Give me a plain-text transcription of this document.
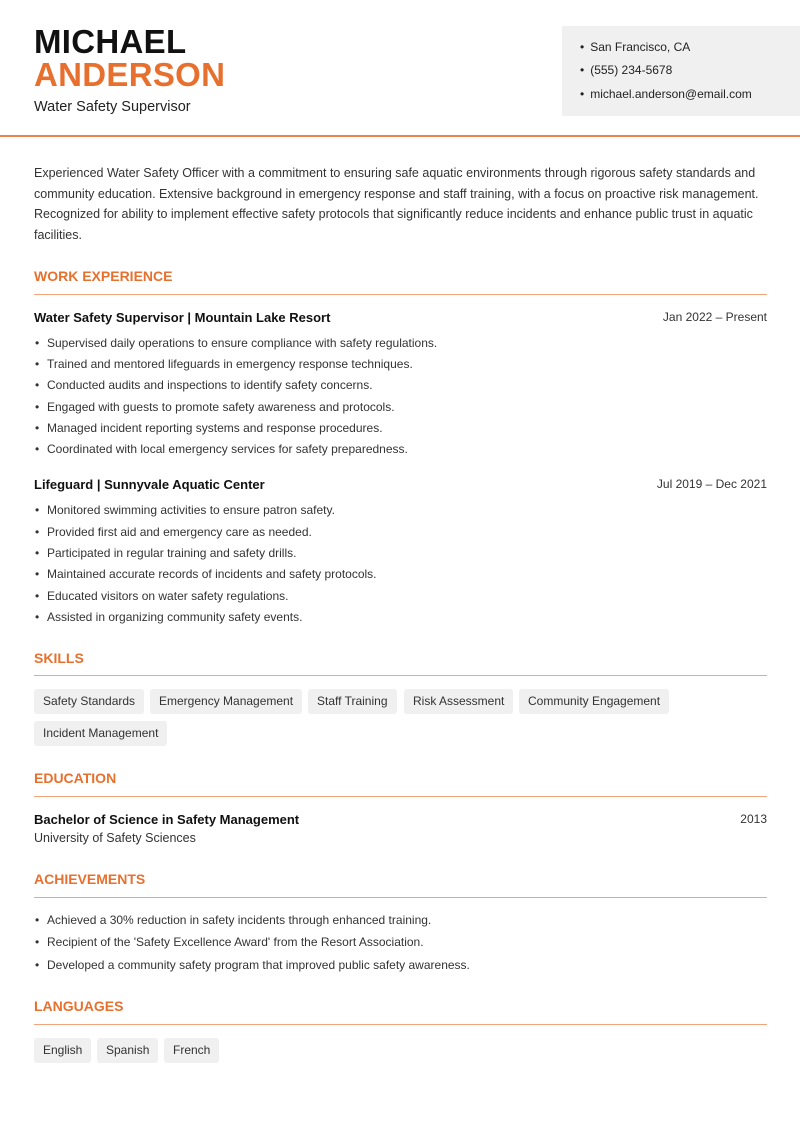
MICHAEL
ANDERSON
Water Safety Supervisor
• San Francisco, CA
• (555) 234-5678
• michael.anderson@email.com
Experienced Water Safety Officer with a commitment to ensuring safe aquatic environments through rigorous safety standards and community education. Extensive background in emergency response and staff training, with a focus on proactive risk management. Recognized for ability to implement effective safety protocols that significantly reduce incidents and enhance public trust in aquatic facilities.
WORK EXPERIENCE
Water Safety Supervisor | Mountain Lake Resort	Jan 2022 – Present
• Supervised daily operations to ensure compliance with safety regulations.
• Trained and mentored lifeguards in emergency response techniques.
• Conducted audits and inspections to identify safety concerns.
• Engaged with guests to promote safety awareness and protocols.
• Managed incident reporting systems and response procedures.
• Coordinated with local emergency services for safety preparedness.
Lifeguard | Sunnyvale Aquatic Center	Jul 2019 – Dec 2021
• Monitored swimming activities to ensure patron safety.
• Provided first aid and emergency care as needed.
• Participated in regular training and safety drills.
• Maintained accurate records of incidents and safety protocols.
• Educated visitors on water safety regulations.
• Assisted in organizing community safety events.
SKILLS
Safety Standards	Emergency Management	Staff Training	Risk Assessment	Community Engagement
Incident Management
EDUCATION
Bachelor of Science in Safety Management	2013
University of Safety Sciences
ACHIEVEMENTS
• Achieved a 30% reduction in safety incidents through enhanced training.
• Recipient of the 'Safety Excellence Award' from the Resort Association.
• Developed a community safety program that improved public safety awareness.
LANGUAGES
English	Spanish	French
